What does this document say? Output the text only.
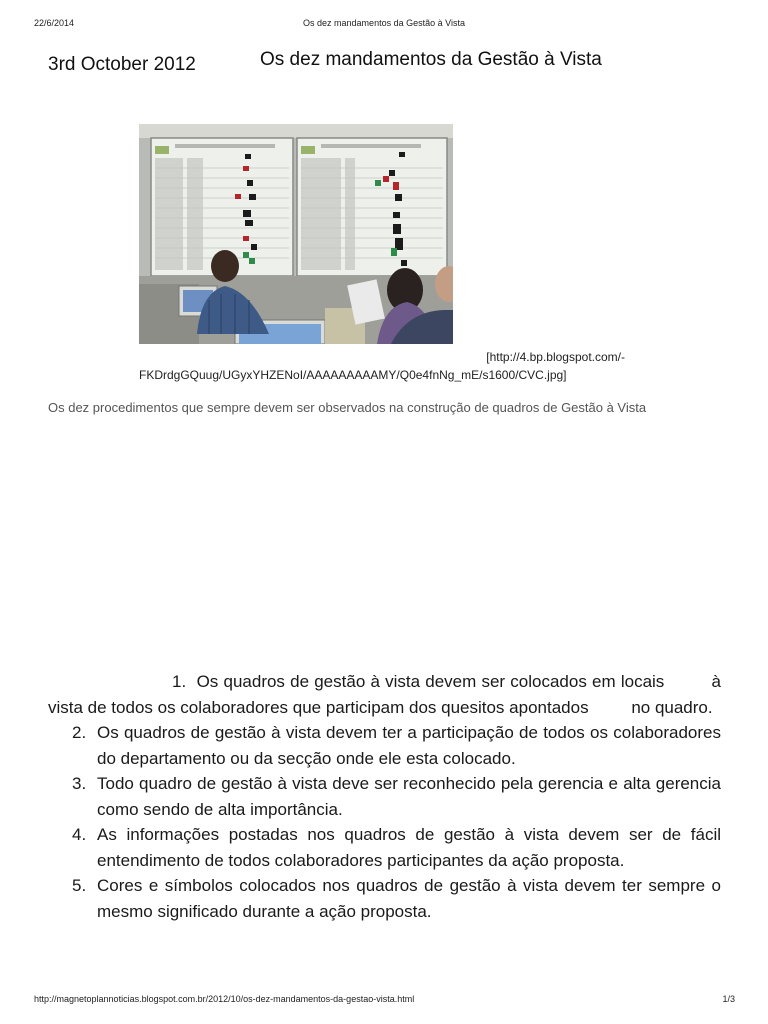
22/6/2014	Os dez mandamentos da Gestão à Vista
3rd October 2012	Os dez mandamentos da Gestão à Vista
[http://4.bp.blogspot.com/-
FKDrdgGQuug/UGyxYHZENoI/AAAAAAAAAMY/Q0e4fnNg_mE/s1600/CVC.jpg]
Os dez procedimentos que sempre devem ser observados na construção de quadros de Gestão à Vista
1. Os quadros de gestão à vista devem ser colocados em locais	à vista de todos os colaboradores que participam dos quesitos apontados	no quadro.
2. Os quadros de gestão à vista devem ter a participação de todos os colaboradores do departamento ou da secção onde ele esta colocado.
3. Todo quadro de gestão à vista deve ser reconhecido pela gerencia e alta gerencia como sendo de alta importância.
4. As informações postadas nos quadros de gestão à vista devem ser de fácil entendimento de todos colaboradores participantes da ação proposta.
5. Cores e símbolos colocados nos quadros de gestão à vista devem ter sempre o mesmo significado durante a ação proposta.
http://magnetoplannoticias.blogspot.com.br/2012/10/os-dez-mandamentos-da-gestao-vista.html	1/3
